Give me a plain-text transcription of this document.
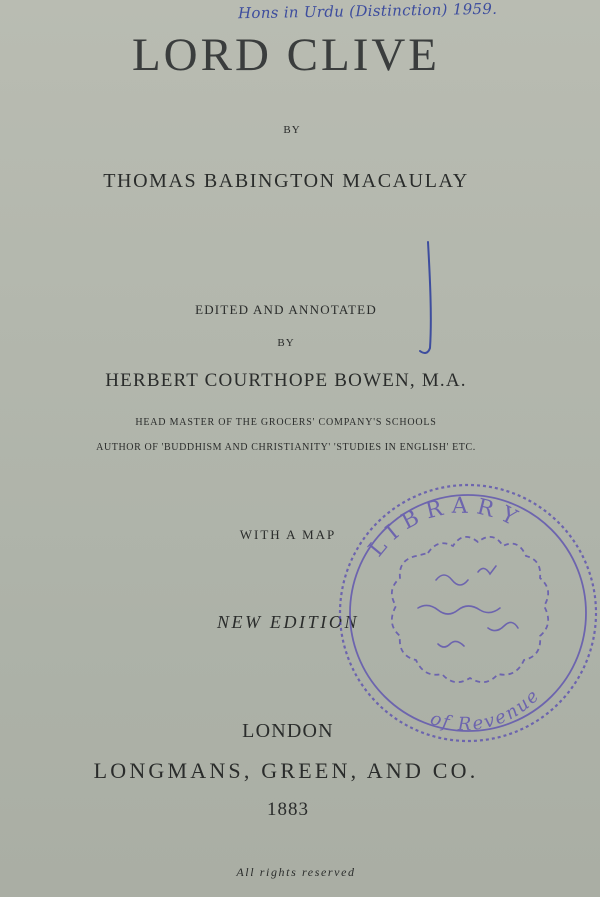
Hons in Urdu (Distinction) 1959.
LORD CLIVE
BY
THOMAS BABINGTON MACAULAY
EDITED AND ANNOTATED
BY
HERBERT COURTHOPE BOWEN, M.A.
HEAD MASTER OF THE GROCERS' COMPANY'S SCHOOLS
AUTHOR OF 'BUDDHISM AND CHRISTIANITY' 'STUDIES IN ENGLISH' ETC.
WITH A MAP
NEW EDITION
LONDON
LONGMANS, GREEN, AND CO.
1883
All rights reserved
LIBRARY
of Revenue
